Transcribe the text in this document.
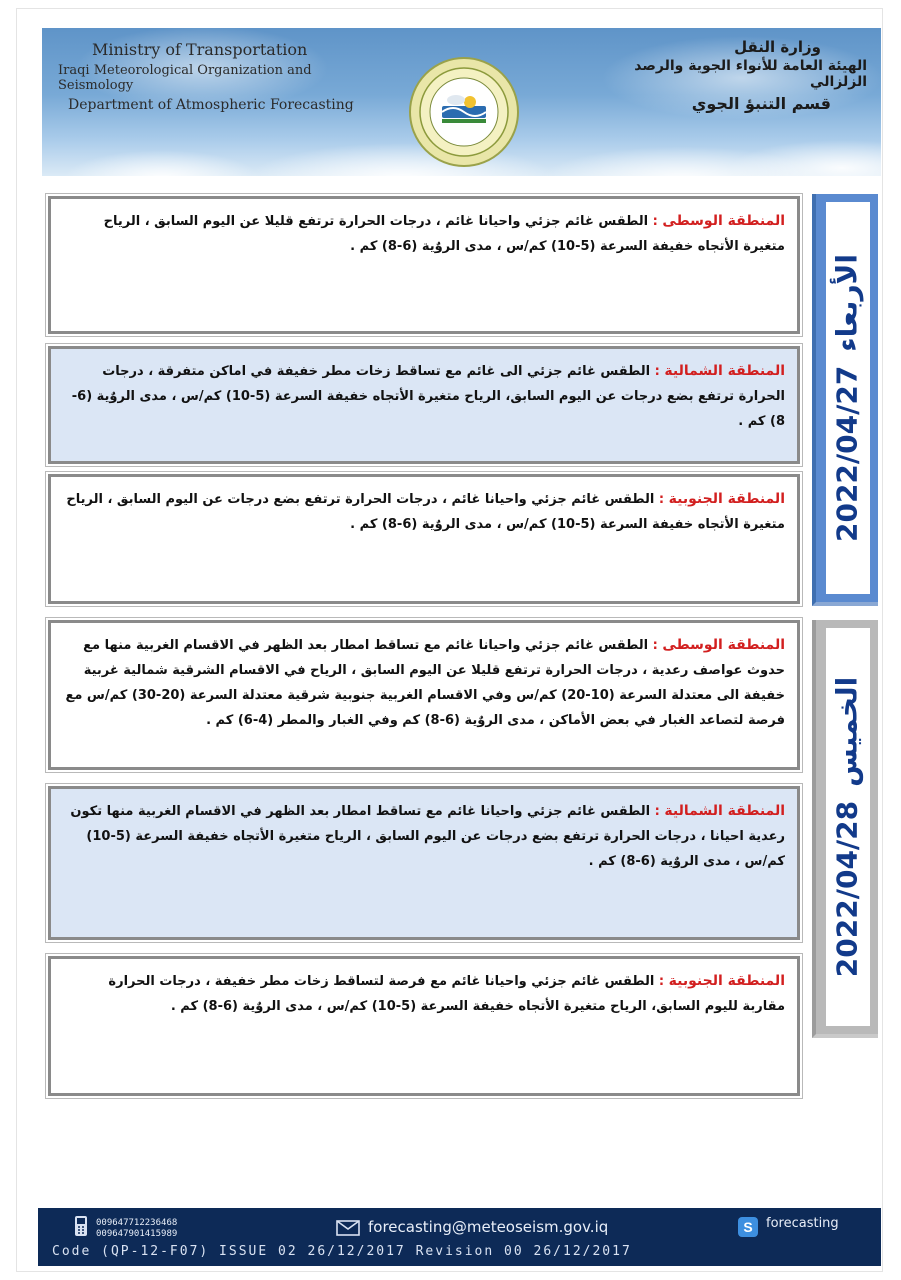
Ministry of Transportation
Iraqi Meteorological Organization and Seismology
Department of Atmospheric Forecasting
وزارة النقل
الهيئة العامة للأنواء الجوية والرصد الزلزالي
قسم التنبؤ الجوي
المنطقة الوسطى : الطقس غائم جزئي واحيانا غائم ، درجات الحرارة ترتفع قليلا عن اليوم السابق ، الرياح متغيرة الأتجاه خفيفة السرعة (5-10) كم/س ، مدى الروٌية (6-8) كم .
المنطقة الشمالية : الطقس غائم جزئي الى غائم مع تساقط زخات مطر خفيفة في اماكن متفرقة ، درجات الحرارة ترتفع بضع درجات عن اليوم السابق، الرياح متغيرة الأتجاه خفيفة السرعة (5-10) كم/س ، مدى الروٌية (6-8) كم .
المنطقة الجنوبية : الطقس غائم جزئي واحيانا غائم ، درجات الحرارة ترتفع بضع درجات عن اليوم السابق ، الرياح متغيرة الأتجاه خفيفة السرعة (5-10) كم/س ، مدى الروٌية (6-8) كم .	2022/04/27الأربعاء
المنطقة الوسطى : الطقس غائم جزئي واحيانا غائم مع تساقط امطار بعد الظهر في الاقسام الغربية منها مع حدوث عواصف رعدية ، درجات الحرارة ترتفع قليلا عن اليوم السابق ، الرياح في الاقسام الشرقية شمالية غربية خفيفة الى معتدلة السرعة (10-20) كم/س وفي الاقسام الغربية جنوبية شرقية معتدلة السرعة (20-30) كم/س مع فرصة لتصاعد الغبار في بعض الأماكن ، مدى الروٌية (6-8) كم وفي الغبار والمطر (4-6) كم .
المنطقة الشمالية : الطقس غائم جزئي واحيانا غائم مع تساقط امطار بعد الظهر في الاقسام الغربية منها تكون رعدية احيانا ، درجات الحرارة ترتفع بضع درجات عن اليوم السابق ، الرياح متغيرة الأتجاه خفيفة السرعة (5-10) كم/س ، مدى الروٌية (6-8) كم .
المنطقة الجنوبية : الطقس غائم جزئي واحيانا غائم مع فرصة لتساقط زخات مطر خفيفة ، درجات الحرارة مقاربة لليوم السابق، الرياح متغيرة الأتجاه خفيفة السرعة (5-10) كم/س ، مدى الروٌية (6-8) كم .
2022/04/28الخميس
009647712236468
009647901415989	forecasting@meteoseism.gov.iq	S forecasting
Code (QP-12-F07) ISSUE 02 26/12/2017 Revision 00 26/12/2017
